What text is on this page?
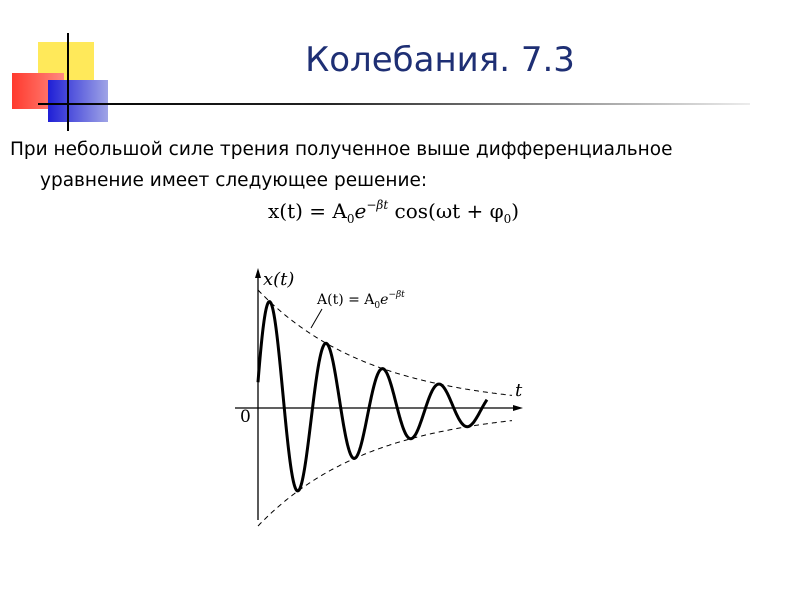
Колебания. 7.3
При небольшой силе трения полученное выше дифференциальное
уравнение имеет следующее решение:
$x(t) = A_0e^{-\beta t}$ $\cos(\omega t + \varphi_0)$
x(t)
t
0
$A(t) = A_0e^{-\beta t}$
